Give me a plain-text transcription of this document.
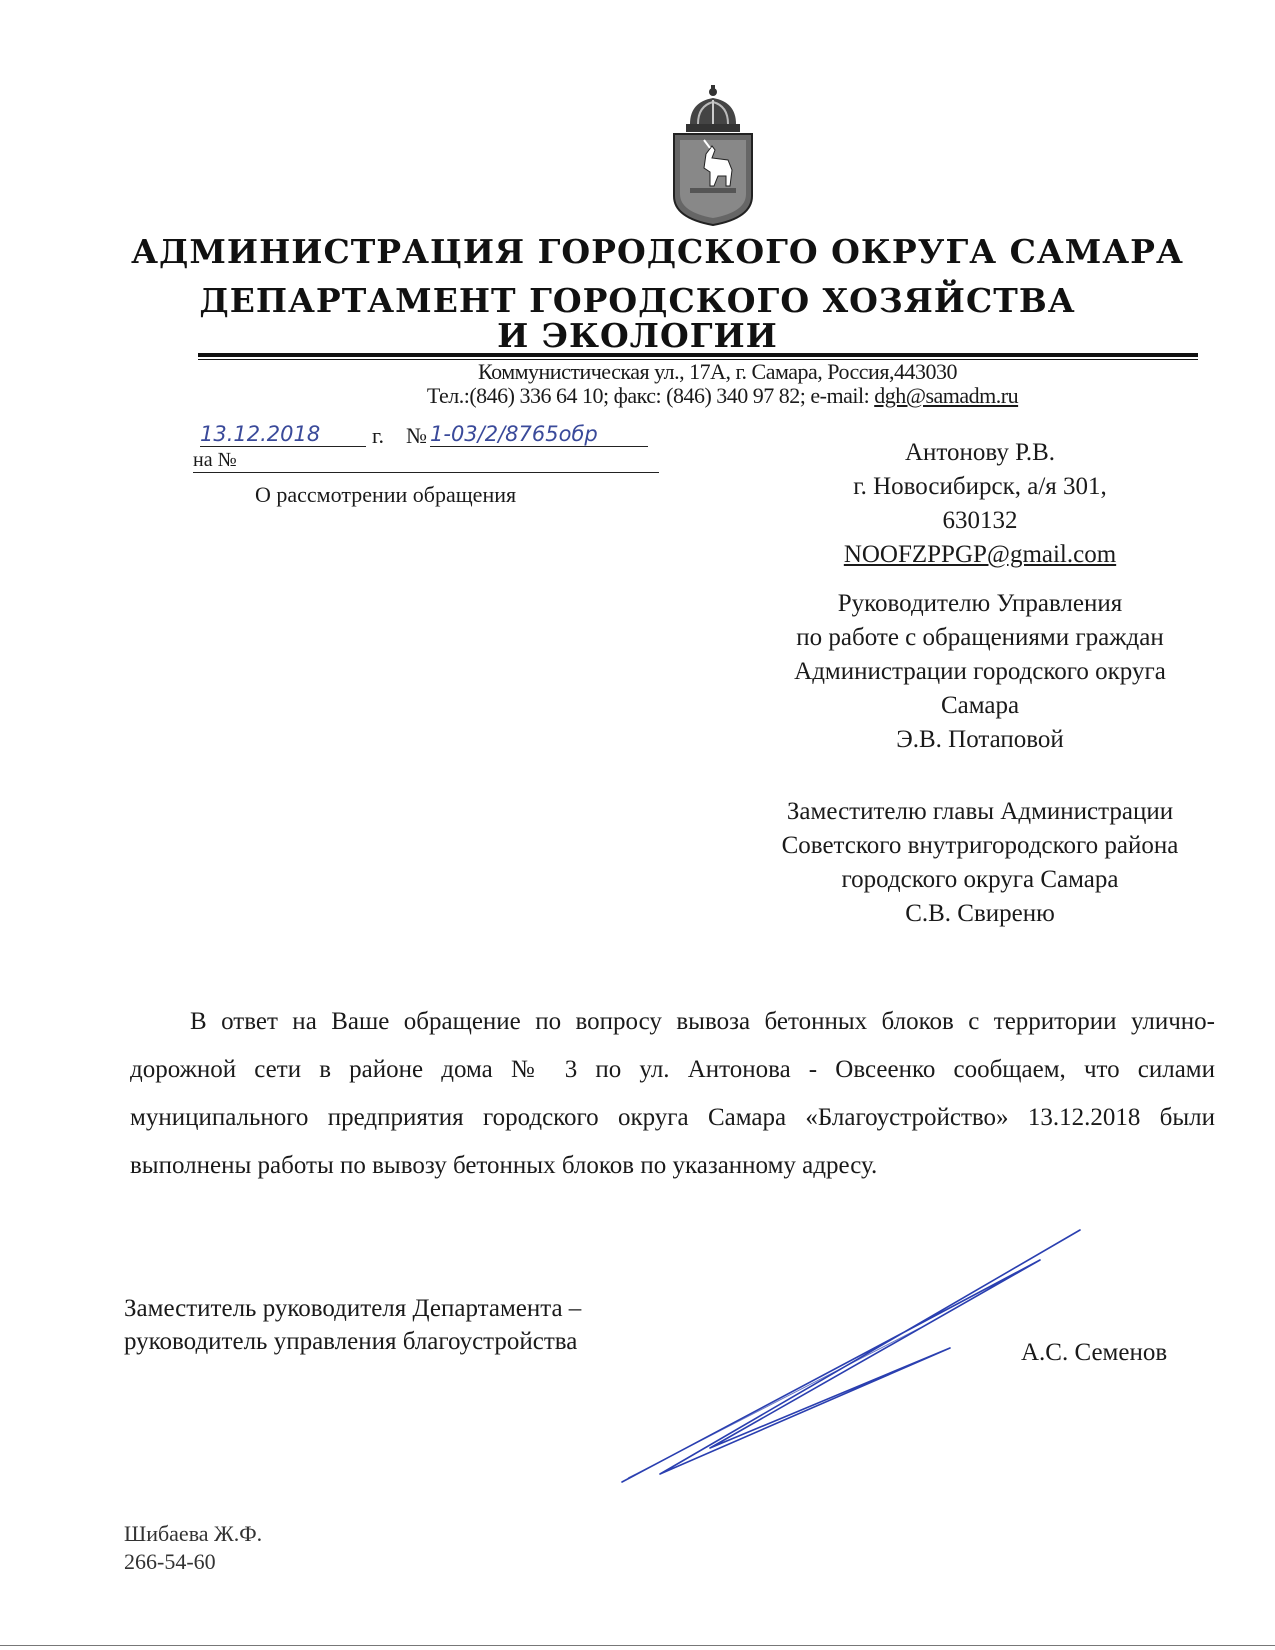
АДМИНИСТРАЦИЯ ГОРОДСКОГО ОКРУГА САМАРА
ДЕПАРТАМЕНТ ГОРОДСКОГО ХОЗЯЙСТВА
И ЭКОЛОГИИ
Коммунистическая ул., 17А, г. Самара, Россия,443030
Тел.:(846) 336 64 10; факс: (846) 340 97 82; e-mail: dgh@samadm.ru
13.12.2018	г. № 1-03/2/8765обр
на №
О рассмотрении обращения
Антонову Р.В.
г. Новосибирск, а/я 301,
630132
NOOFZPPGP@gmail.com
Руководителю Управления
по работе с обращениями граждан
Администрации городского округа
Самара
Э.В. Потаповой
Заместителю главы Администрации
Советского внутригородского района
городского округа Самара
С.В. Свирeню
В ответ на Ваше обращение по вопросу вывоза бетонных блоков с территории улично-дорожной сети в районе дома № 3 по ул. Антонова - Овсеенко сообщаем, что силами муниципального предприятия городского округа Самара «Благоустройство» 13.12.2018 были выполнены работы по вывозу бетонных блоков по указанному адресу.
Заместитель руководителя Департамента –
руководитель управления благоустройства	А.С. Семенов
Шибаева Ж.Ф.
266-54-60
